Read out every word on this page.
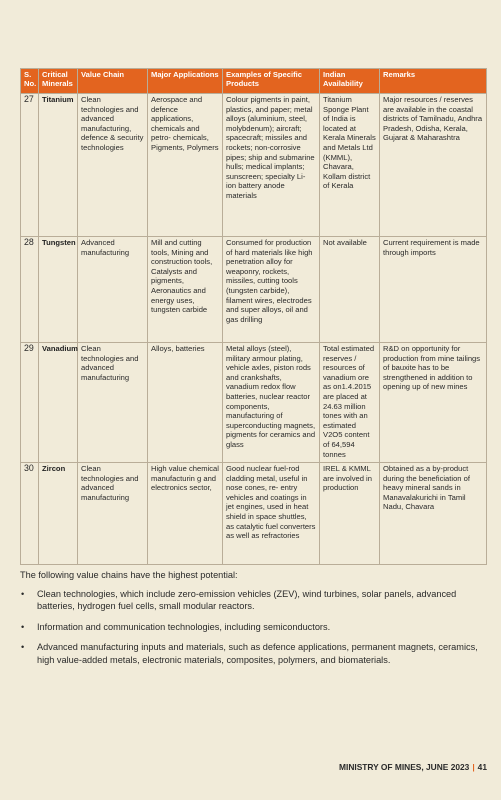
S. No.	Critical Minerals	Value Chain	Major Applications	Examples of Specific Products	Indian Availability	Remarks
27	Titanium	Clean technologies and advanced manufacturing, defence & security technologies	Aerospace and defence applications, chemicals and petro- chemicals, Pigments, Polymers	Colour pigments in paint, plastics, and paper; metal alloys (aluminium, steel, molybdenum); aircraft; spacecraft; missiles and rockets; non-corrosive pipes; ship and submarine hulls; medical implants; sunscreen; specialty Li- ion battery anode materials	Titanium Sponge Plant of India is located at Kerala Minerals and Metals Ltd (KMML), Chavara, Kollam district of Kerala	Major resources / reserves are available in the coastal districts of Tamilnadu, Andhra Pradesh, Odisha, Kerala, Gujarat & Maharashtra
28	Tungsten	Advanced manufacturing	Mill and cutting tools, Mining and construction tools, Catalysts and pigments, Aeronautics and energy uses, tungsten carbide	Consumed for production of hard materials like high penetration alloy for weaponry, rockets, missiles, cutting tools (tungsten carbide), filament wires, electrodes and super alloys, oil and gas drilling	Not available	Current requirement is made through imports
29	Vanadium	Clean technologies and advanced manufacturing	Alloys, batteries	Metal alloys (steel), military armour plating, vehicle axles, piston rods and crankshafts, vanadium redox flow batteries, nuclear reactor components, manufacturing of superconducting magnets, pigments for ceramics and glass	Total estimated reserves / resources of vanadium ore as on1.4.2015 are placed at 24.63 million tones with an estimated V2O5 content of 64,594 tonnes	R&D on opportunity for production from mine tailings of bauxite has to be strengthened in addition to opening up of new mines
30	Zircon	Clean technologies and advanced manufacturing	High value chemical manufacturin g and electronics sector,	Good nuclear fuel-rod cladding metal, useful in nose cones, re- entry vehicles and coatings in jet engines, used in heat shield in space shuttles, as catalytic fuel converters as well as refractories	IREL & KMML are involved in production	Obtained as a by-product during the beneficiation of heavy mineral sands in Manavalakurichi in Tamil Nadu, Chavara
The following value chains have the highest potential:
• Clean technologies, which include zero-emission vehicles (ZEV), wind turbines, solar panels, advanced batteries, hydrogen fuel cells, small modular reactors.
• Information and communication technologies, including semiconductors.
• Advanced manufacturing inputs and materials, such as defence applications, permanent magnets, ceramics, high value-added metals, electronic materials, composites, polymers, and biomaterials.
MINISTRY OF MINES, JUNE 2023 | 41
